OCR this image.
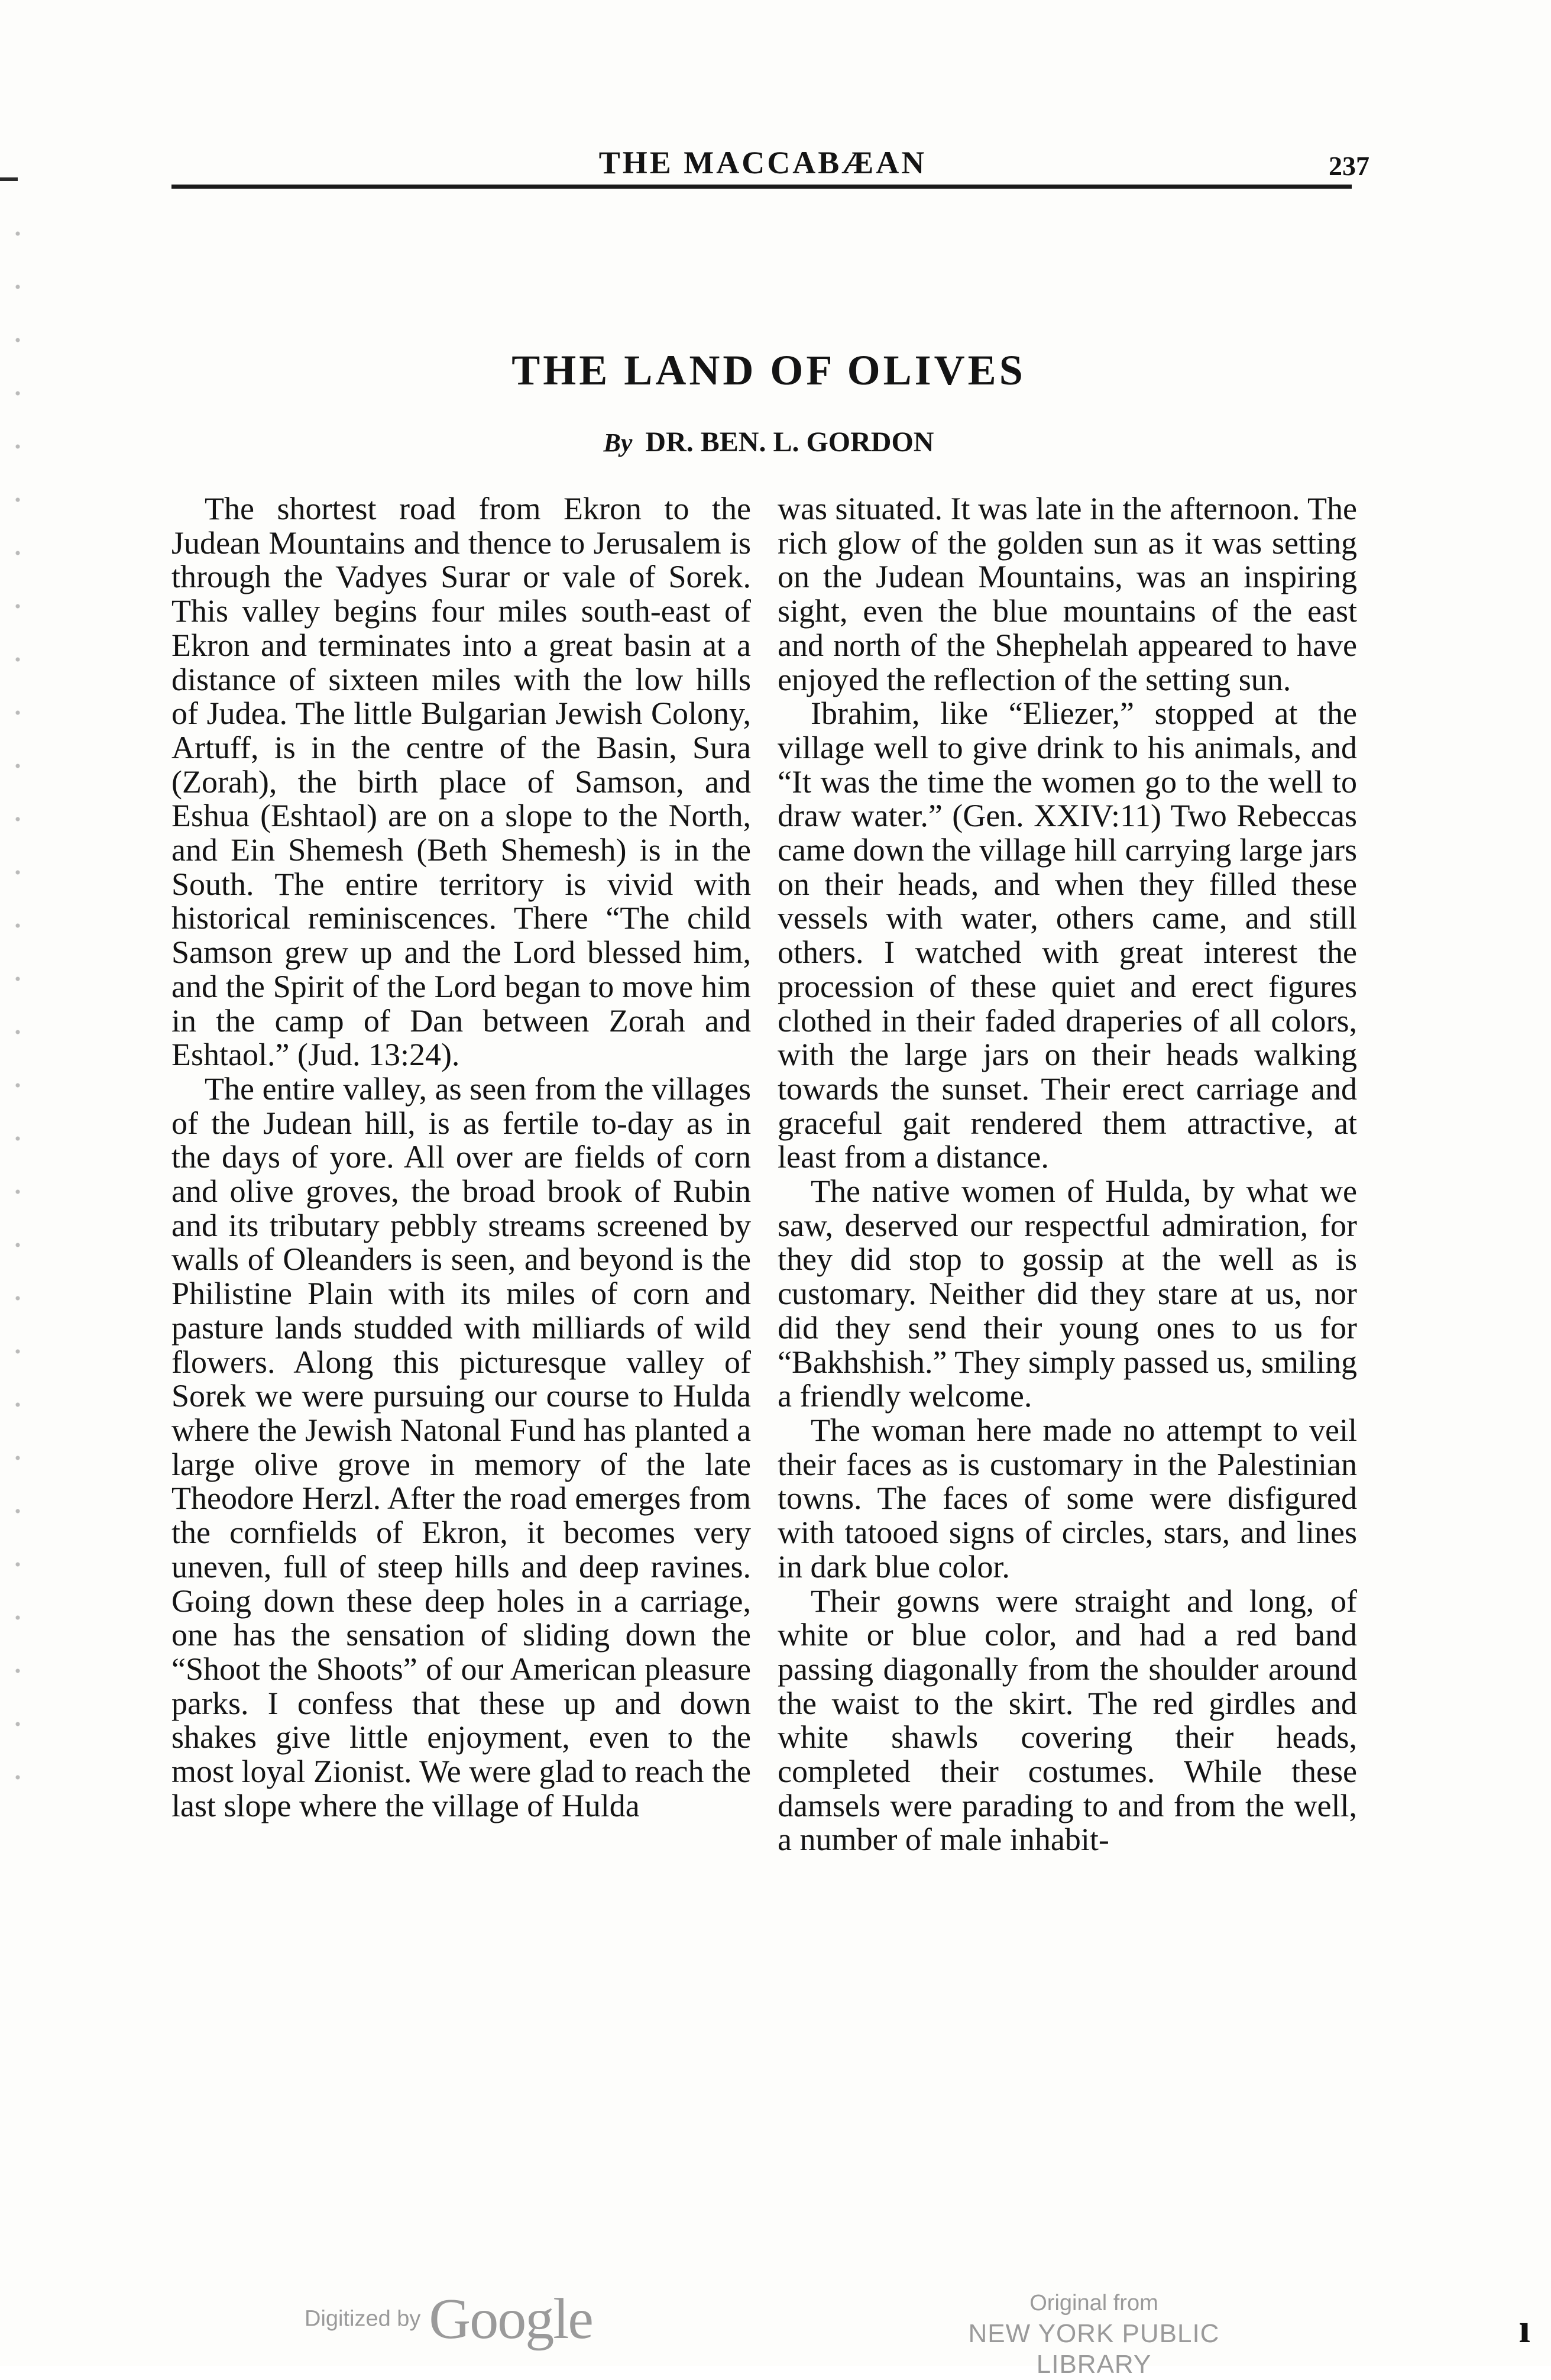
THE MACCABÆAN	237
THE LAND OF OLIVES
By DR. BEN. L. GORDON

The shortest road from Ekron to the Judean Mountains and thence to Jerusalem is through the Vadyes Surar or vale of Sorek. This valley begins four miles south-east of Ekron and terminates into a great basin at a distance of sixteen miles with the low hills of Judea. The little Bulgarian Jewish Colony, Artuff, is in the centre of the Basin, Sura (Zorah), the birth place of Samson, and Eshua (Eshtaol) are on a slope to the North, and Ein Shemesh (Beth Shemesh) is in the South. The entire territory is vivid with historical reminiscences. There “The child Samson grew up and the Lord blessed him, and the Spirit of the Lord began to move him in the camp of Dan between Zorah and Eshtaol.” (Jud. 13:24).

The entire valley, as seen from the villages of the Judean hill, is as fertile to-day as in the days of yore. All over are fields of corn and olive groves, the broad brook of Rubin and its tributary pebbly streams screened by walls of Oleanders is seen, and beyond is the Philistine Plain with its miles of corn and pasture lands studded with milliards of wild flowers. Along this picturesque valley of Sorek we were pursuing our course to Hulda where the Jewish Natonal Fund has planted a large olive grove in memory of the late Theodore Herzl. After the road emerges from the cornfields of Ekron, it becomes very uneven, full of steep hills and deep ravines. Going down these deep holes in a carriage, one has the sensation of sliding down the “Shoot the Shoots” of our American pleasure parks. I confess that these up and down shakes give little enjoyment, even to the most loyal Zionist. We were glad to reach the last slope where the village of Hulda

was situated. It was late in the afternoon. The rich glow of the golden sun as it was setting on the Judean Mountains, was an inspiring sight, even the blue mountains of the east and north of the Shephelah appeared to have enjoyed the reflection of the setting sun.

Ibrahim, like “Eliezer,” stopped at the village well to give drink to his animals, and “It was the time the women go to the well to draw water.” (Gen. XXIV:11) Two Rebeccas came down the village hill carrying large jars on their heads, and when they filled these vessels with water, others came, and still others. I watched with great interest the procession of these quiet and erect figures clothed in their faded draperies of all colors, with the large jars on their heads walking towards the sunset. Their erect carriage and graceful gait rendered them attractive, at least from a distance.

The native women of Hulda, by what we saw, deserved our respectful admiration, for they did stop to gossip at the well as is customary. Neither did they stare at us, nor did they send their young ones to us for “Bakhshish.” They simply passed us, smiling a friendly welcome.

The woman here made no attempt to veil their faces as is customary in the Palestinian towns. The faces of some were disfigured with tatooed signs of circles, stars, and lines in dark blue color.

Their gowns were straight and long, of white or blue color, and had a red band passing diagonally from the shoulder around the waist to the skirt. The red girdles and white shawls covering their heads, completed their costumes. While these damsels were parading to and from the well, a number of male inhabit-

Digitized by Google	Original from
NEW YORK PUBLIC LIBRARY
ı
